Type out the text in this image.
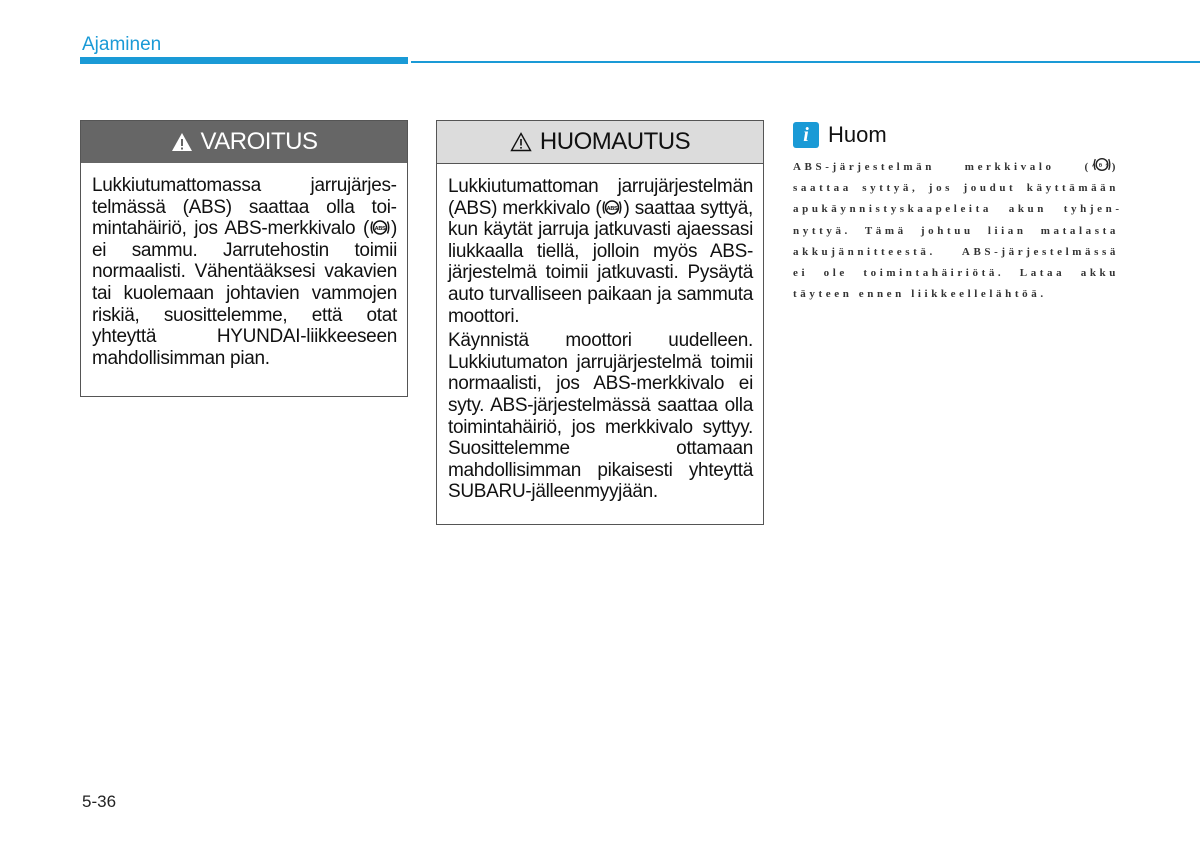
Ajaminen
VAROITUS

Lukkiutumattomassa jarrujärjestelmässä (ABS) saattaa olla toimintahäiriö, jos ABS-merkkivalo ( ABS ) ei sammu. Jarrutehostin toimii normaalisti. Vähentääksesi vakavien tai kuolemaan johtavien vammojen riskiä, suosittelemme, että otat yhteyttä HYUNDAI-liikkeeseen mahdollisimman pian.

HUOMAUTUS

Lukkiutumattoman jarrujärjestelmän (ABS) merkkivalo ( ABS ) saattaa syttyä, kun käytät jarruja jatkuvasti ajaessasi liukkaalla tiellä, jolloin myös ABS-järjestelmä toimii jatkuvasti. Pysäytä auto turvalliseen paikaan ja sammuta moottori.

Käynnistä moottori uudelleen. Lukkiutumaton jarrujärjestelmä toimii normaalisti, jos ABS-merkkivalo ei syty. ABS-järjestelmässä saattaa olla toimintahäiriö, jos merkkivalo syttyy. Suosittelemme ottamaan mahdollisimman pikaisesti yhteyttä SUBARU-jälleenmyyjään.

i Huom
ABS-järjestelmän merkkivalo ( ABS ) saattaa syttyä, jos joudut käyttämään apukäynnistyskaapeleita akun tyhjennyttyä. Tämä johtuu liian matalasta akkujännitteestä. ABS-järjestelmässä ei ole toimintahäiriötä. Lataa akku täyteen ennen liikkeellelähtöä.
5-36
